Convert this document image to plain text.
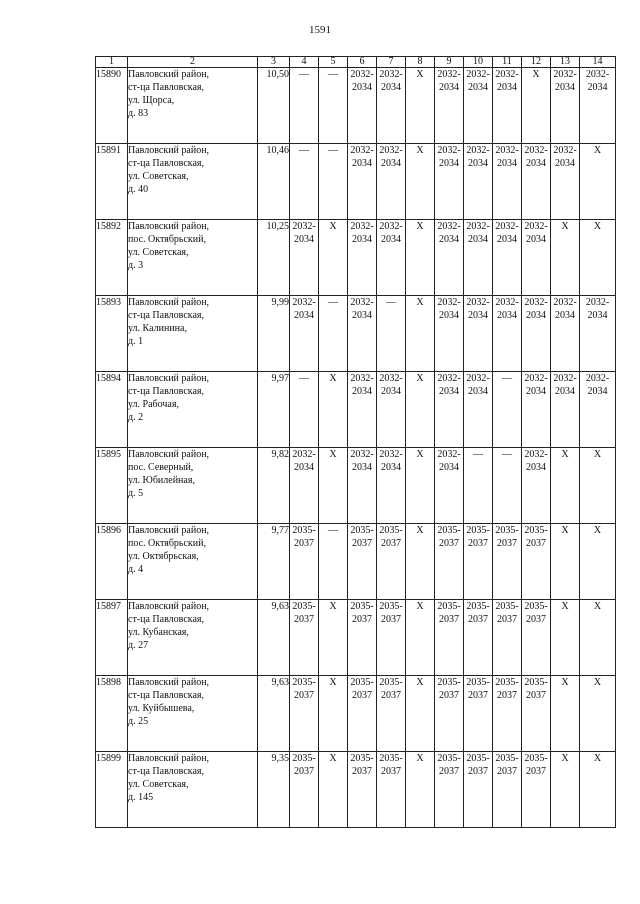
1591
1	2	3	4	5	6	7	8	9	10	11	12	13	14
15890	Павловский район,
ст-ца Павловская,
ул. Щорса,
д. 83	10,50	—	—	2032-
2034	2032-
2034	X	2032-
2034	2032-
2034	2032-
2034	X	2032-
2034	2032-
2034
15891	Павловский район,
ст-ца Павловская,
ул. Советская,
д. 40	10,46	—	—	2032-
2034	2032-
2034	X	2032-
2034	2032-
2034	2032-
2034	2032-
2034	2032-
2034	X
15892	Павловский район,
пос. Октябрьский,
ул. Советская,
д. 3	10,25	2032-
2034	X	2032-
2034	2032-
2034	X	2032-
2034	2032-
2034	2032-
2034	2032-
2034	X	X
15893	Павловский район,
ст-ца Павловская,
ул. Калинина,
д. 1	9,99	2032-
2034	—	2032-
2034	—	X	2032-
2034	2032-
2034	2032-
2034	2032-
2034	2032-
2034	2032-
2034
15894	Павловский район,
ст-ца Павловская,
ул. Рабочая,
д. 2	9,97	—	X	2032-
2034	2032-
2034	X	2032-
2034	2032-
2034	—	2032-
2034	2032-
2034	2032-
2034
15895	Павловский район,
пос. Северный,
ул. Юбилейная,
д. 5	9,82	2032-
2034	X	2032-
2034	2032-
2034	X	2032-
2034	—	—	2032-
2034	X	X
15896	Павловский район,
пос. Октябрьский,
ул. Октябрьская,
д. 4	9,77	2035-
2037	—	2035-
2037	2035-
2037	X	2035-
2037	2035-
2037	2035-
2037	2035-
2037	X	X
15897	Павловский район,
ст-ца Павловская,
ул. Кубанская,
д. 27	9,63	2035-
2037	X	2035-
2037	2035-
2037	X	2035-
2037	2035-
2037	2035-
2037	2035-
2037	X	X
15898	Павловский район,
ст-ца Павловская,
ул. Куйбышева,
д. 25	9,63	2035-
2037	X	2035-
2037	2035-
2037	X	2035-
2037	2035-
2037	2035-
2037	2035-
2037	X	X
15899	Павловский район,
ст-ца Павловская,
ул. Советская,
д. 145	9,35	2035-
2037	X	2035-
2037	2035-
2037	X	2035-
2037	2035-
2037	2035-
2037	2035-
2037	X	X
